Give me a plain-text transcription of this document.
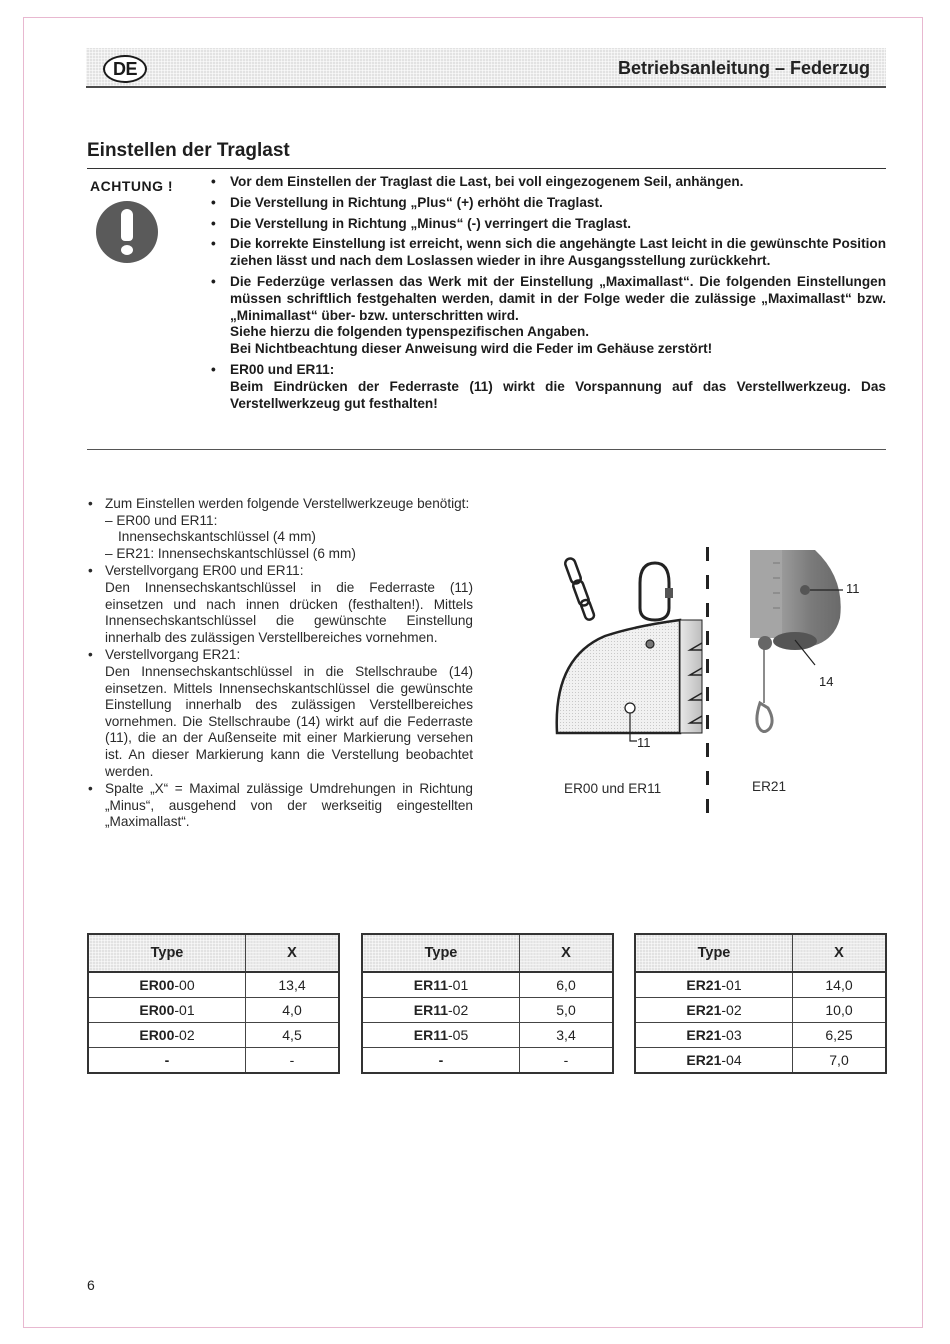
DE	Betriebsanleitung – Federzug
Einstellen der Traglast
ACHTUNG !	• Vor dem Einstellen der Traglast die Last, bei voll eingezogenem Seil, anhängen.
• Die Verstellung in Richtung „Plus“ (+) erhöht die Traglast.
• Die Verstellung in Richtung „Minus“ (-) verringert die Traglast.
• Die korrekte Einstellung ist erreicht, wenn sich die angehängte Last leicht in die gewünschte Position ziehen lässt und nach dem Loslassen wieder in ihre Ausgangsstellung zurückkehrt.
• Die Federzüge verlassen das Werk mit der Einstellung „Maximallast“. Die folgenden Einstellungen müssen schriftlich festgehalten werden, damit in der Folge weder die zulässige „Maximallast“ bzw. „Minimallast“ über- bzw. unterschritten wird.
Siehe hierzu die folgenden typenspezifischen Angaben.
Bei Nichtbeachtung dieser Anweisung wird die Feder im Gehäuse zerstört!
• ER00 und ER11:
Beim Eindrücken der Federraste (11) wirkt die Vorspannung auf das Verstellwerkzeug. Das Verstellwerkzeug gut festhalten!
• Zum Einstellen werden folgende Verstellwerkzeuge benötigt:
– ER00 und ER11:
Innensechskantschlüssel (4 mm)
– ER21: Innensechskantschlüssel (6 mm)
• Verstellvorgang ER00 und ER11:
Den Innensechskantschlüssel in die Federraste (11) einsetzen und nach innen drücken (festhalten!). Mittels Innensechskantschlüssel die gewünschte Einstellung innerhalb des zulässigen Verstellbereiches vornehmen.
• Verstellvorgang ER21:
Den Innensechskantschlüssel in die Stellschraube (14) einsetzen. Mittels Innensechskantschlüssel die gewünschte Einstellung innerhalb des zulässigen Verstellbereiches vornehmen. Die Stellschraube (14) wirkt auf die Federraste (11), die an der Außenseite mit einer Markierung versehen ist. An dieser Markierung kann die Verstellung beobachtet werden.
• Spalte „X“ = Maximal zulässige Umdrehungen in Richtung „Minus“, ausgehend von der werkseitig eingestellten „Maximallast“.
11
ER00 und ER11
11
14
ER21
Type	X
ER00-00	13,4
ER00-01	4,0
ER00-02	4,5
-	-
Type	X
ER11-01	6,0
ER11-02	5,0
ER11-05	3,4
-	-
Type	X
ER21-01	14,0
ER21-02	10,0
ER21-03	6,25
ER21-04	7,0
6
